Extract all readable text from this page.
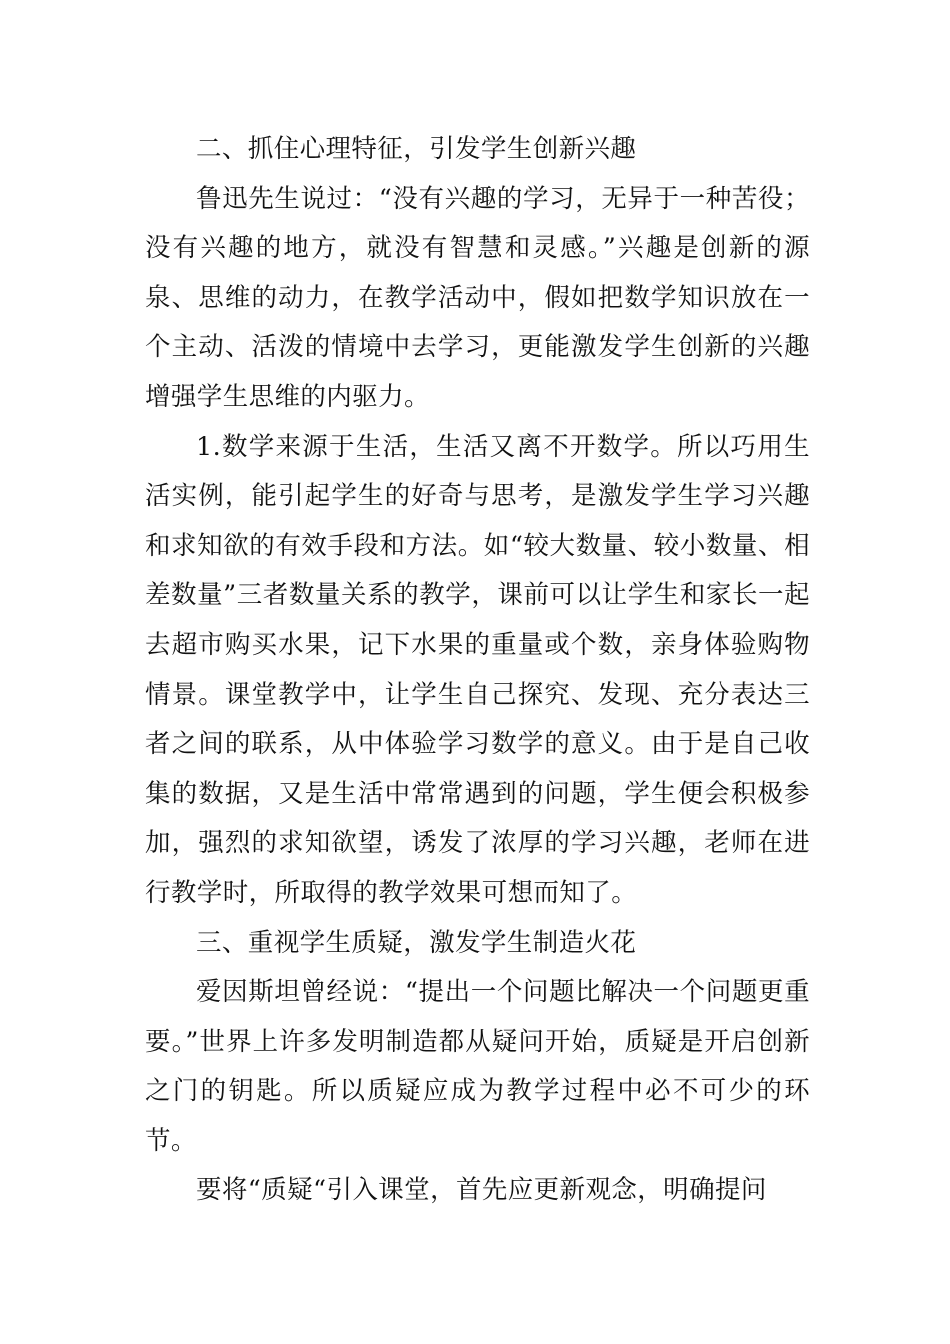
二、抓住心理特征，引发学生创新兴趣

鲁迅先生说过：“没有兴趣的学习，无异于一种苦役；没有兴趣的地方，就没有智慧和灵感。”兴趣是创新的源泉、思维的动力，在教学活动中，假如把数学知识放在一个主动、活泼的情境中去学习，更能激发学生创新的兴趣增强学生思维的内驱力。

1.数学来源于生活，生活又离不开数学。所以巧用生活实例，能引起学生的好奇与思考，是激发学生学习兴趣和求知欲的有效手段和方法。如“较大数量、较小数量、相差数量”三者数量关系的教学，课前可以让学生和家长一起去超市购买水果，记下水果的重量或个数，亲身体验购物情景。课堂教学中，让学生自己探究、发现、充分表达三者之间的联系，从中体验学习数学的意义。由于是自己收集的数据，又是生活中常常遇到的问题，学生便会积极参加，强烈的求知欲望，诱发了浓厚的学习兴趣，老师在进行教学时，所取得的教学效果可想而知了。

三、重视学生质疑，激发学生制造火花

爱因斯坦曾经说：“提出一个问题比解决一个问题更重要。”世界上许多发明制造都从疑问开始，质疑是开启创新之门的钥匙。所以质疑应成为教学过程中必不可少的环节。

要将“质疑“引入课堂，首先应更新观念，明确提问
